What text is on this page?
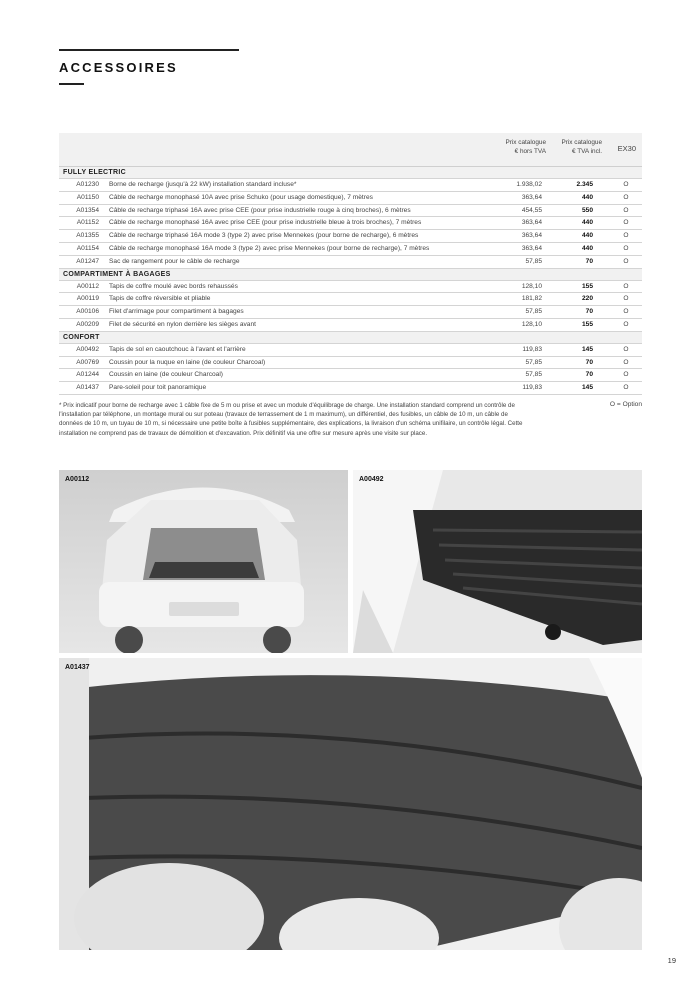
ACCESSOIRES
Prix catalogue
€ hors TVA
Prix catalogue
€ TVA incl. EX30
FULLY ELECTRIC
A01230 Borne de recharge (jusqu'à 22 kW) installation standard incluse*	1.938,02	2.345	O
A01150 Câble de recharge monophasé 10A avec prise Schuko (pour usage domestique), 7 mètres	363,64	440	O
A01354 Câble de recharge triphasé 16A avec prise CEE (pour prise industrielle rouge à cinq broches), 6 mètres	454,55	550	O
A01152 Câble de recharge monophasé 16A avec prise CEE (pour prise industrielle bleue à trois broches), 7 mètres	363,64	440	O
A01355 Câble de recharge triphasé 16A mode 3 (type 2) avec prise Mennekes (pour borne de recharge), 6 mètres	363,64	440	O
A01154 Câble de recharge monophasé 16A mode 3 (type 2) avec prise Mennekes (pour borne de recharge), 7 mètres	363,64	440	O
A01247 Sac de rangement pour le câble de recharge	57,85	70	O
COMPARTIMENT À BAGAGES
A00112 Tapis de coffre moulé avec bords rehaussés	128,10	155	O
A00119 Tapis de coffre réversible et pliable	181,82	220	O
A00106 Filet d'arrimage pour compartiment à bagages	57,85	70	O
A00209 Filet de sécurité en nylon derrière les sièges avant	128,10	155	O
CONFORT
A00492 Tapis de sol en caoutchouc à l'avant et l'arrière	119,83	145	O
A00769 Coussin pour la nuque en laine (de couleur Charcoal)	57,85	70	O
A01244 Coussin en laine (de couleur Charcoal)	57,85	70	O
A01437 Pare-soleil pour toit panoramique	119,83	145	O

* Prix indicatif pour borne de recharge avec 1 câble fixe de 5 m ou prise et avec un module d'équilibrage de charge. Une installation standard comprend un contrôle de l'installation par téléphone, un montage mural ou sur poteau (travaux de terrassement de 1 m maximum), un différentiel, des fusibles, un câble de 10 m, un câble de données de 10 m, un tuyau de 10 m, si nécessaire une petite boîte à fusibles supplémentaire, des explications, la livraison d'un schéma unifilaire, un contrôle légal. Cette installation ne comprend pas de travaux de démolition et d'excavation. Prix définitif via une offre sur mesure après une visite sur place.

O = Option
A00112	A00492
A01437
19
